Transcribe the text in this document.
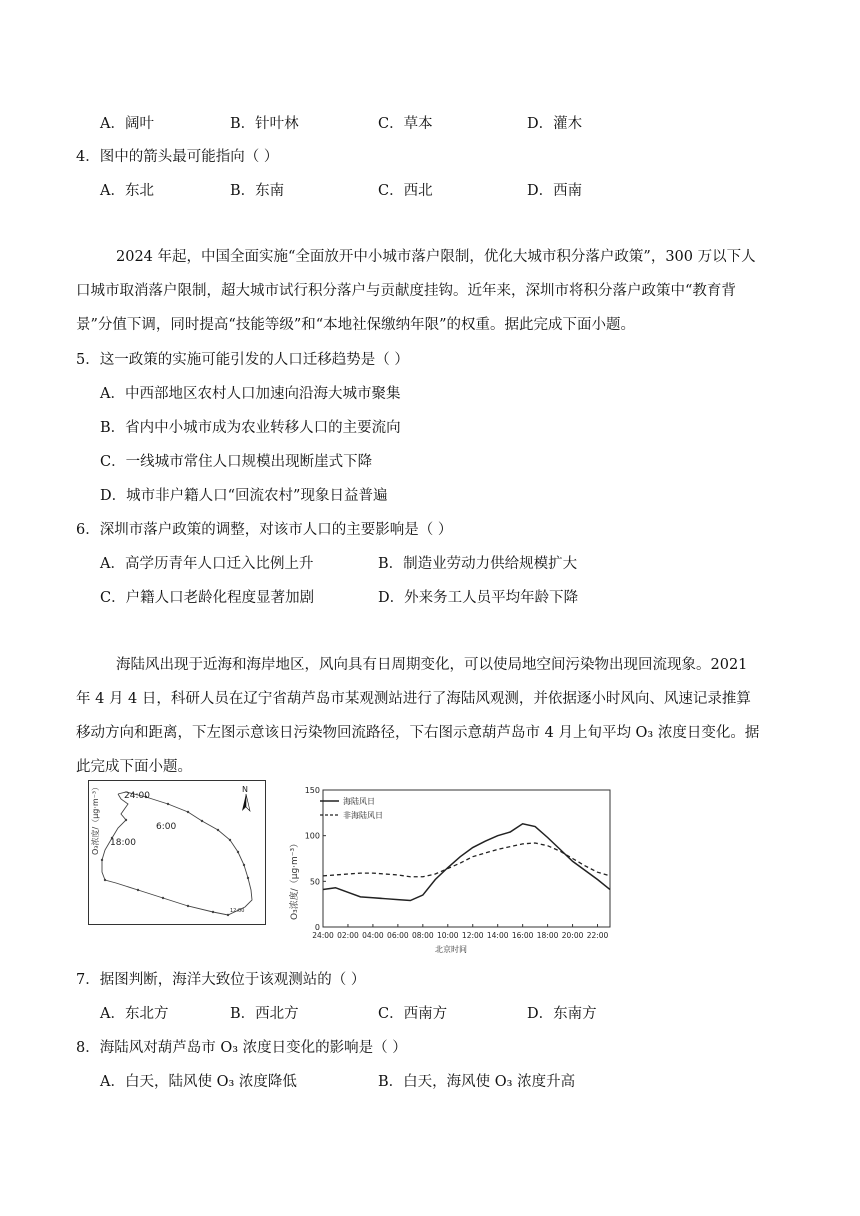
A．阔叶	B．针叶林	C．草本	D．灌木
4．图中的箭头最可能指向（ ）
A．东北	B．东南	C．西北	D．西南

2024 年起，中国全面实施“全面放开中小城市落户限制，优化大城市积分落户政策”，300 万以下人

口城市取消落户限制，超大城市试行积分落户与贡献度挂钩。近年来，深圳市将积分落户政策中“教育背

景”分值下调，同时提高“技能等级”和“本地社保缴纳年限”的权重。据此完成下面小题。

5．这一政策的实施可能引发的人口迁移趋势是（ ）
A．中西部地区农村人口加速向沿海大城市聚集
B．省内中小城市成为农业转移人口的主要流向
C．一线城市常住人口规模出现断崖式下降
D．城市非户籍人口“回流农村”现象日益普遍
6．深圳市落户政策的调整，对该市人口的主要影响是（ ）
A．高学历青年人口迁入比例上升	B．制造业劳动力供给规模扩大
C．户籍人口老龄化程度显著加剧	D．外来务工人员平均年龄下降

海陆风出现于近海和海岸地区，风向具有日周期变化，可以使局地空间污染物出现回流现象。2021

年 4 月 4 日，科研人员在辽宁省葫芦岛市某观测站进行了海陆风观测，并依据逐小时风向、风速记录推算

移动方向和距离，下左图示意该日污染物回流路径，下右图示意葫芦岛市 4 月上旬平均 O₃ 浓度日变化。据

此完成下面小题。

O₃浓度/（μg·m⁻³）	24:00
6:00
18:00
12:00
N
O₃浓度/（μg·m⁻³）
北京时间
0
50
100
150
24:00 02:00 04:00 06:00 08:00 10:00 12:00 14:00 16:00 18:00 20:00 22:00
海陆风日
非海陆风日
7．据图判断，海洋大致位于该观测站的（ ）
A．东北方	B．西北方	C．西南方	D．东南方
8．海陆风对葫芦岛市 O₃ 浓度日变化的影响是（ ）
A．白天，陆风使 O₃ 浓度降低	B．白天，海风使 O₃ 浓度升高
